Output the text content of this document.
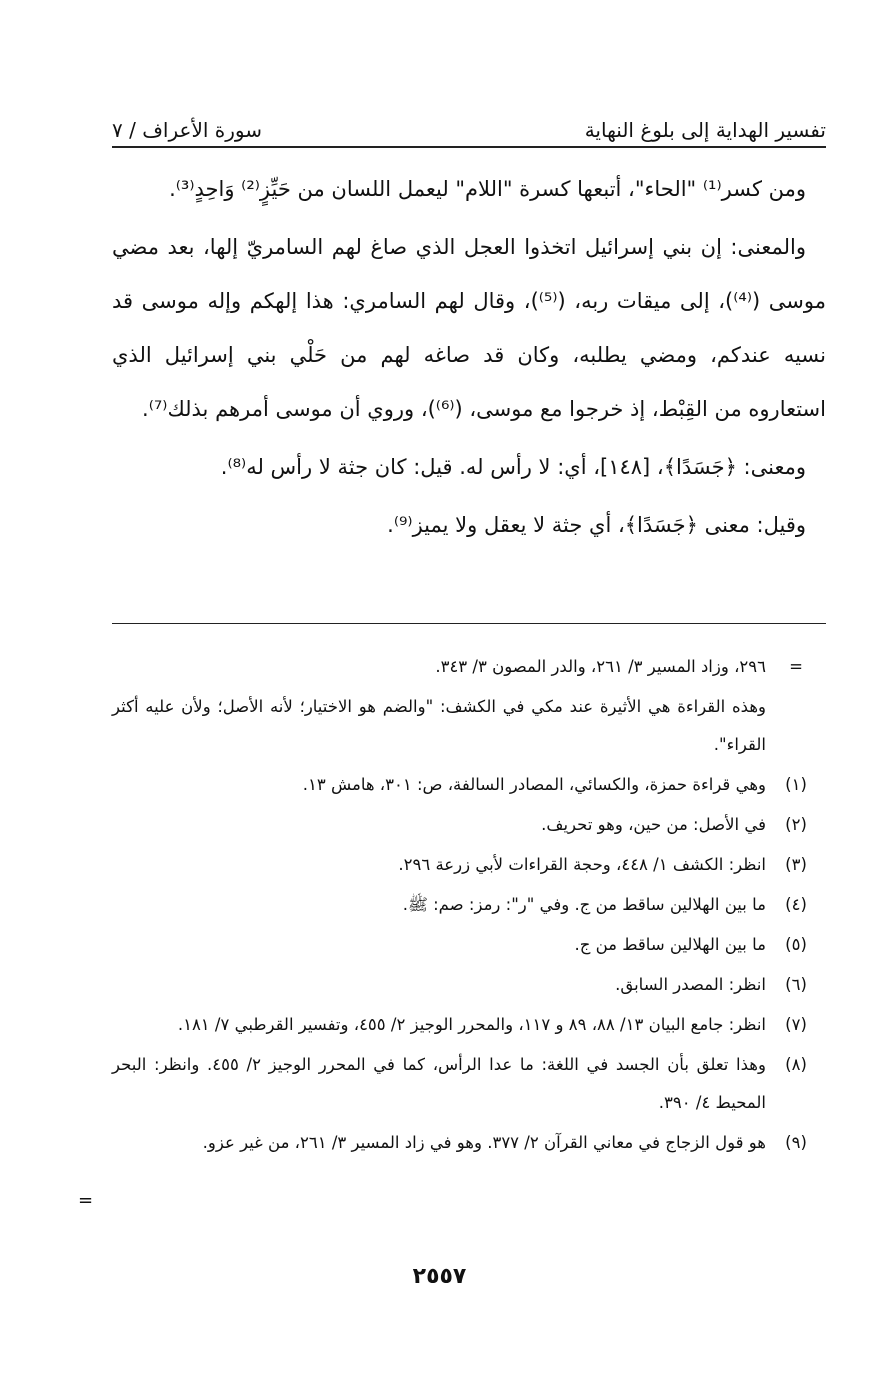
تفسير الهداية إلى بلوغ النهاية
سورة الأعراف / ٧

ومن كسر⁽¹⁾ "الحاء"، أتبعها كسرة "اللام" ليعمل اللسان من حَيِّزٍ⁽²⁾ وَاحِدٍ⁽³⁾.

والمعنى: إن بني إسرائيل اتخذوا العجل الذي صاغ لهم السامريّ إلها، بعد مضي موسى (⁽⁴⁾)، إلى ميقات ربه، (⁽⁵⁾)، وقال لهم السامري: هذا إلهكم وإله موسى قد نسيه عندكم، ومضي يطلبه، وكان قد صاغه لهم من حَلْي بني إسرائيل الذي استعاروه من القِبْط، إذ خرجوا مع موسى، (⁽⁶⁾)، وروي أن موسى أمرهم بذلك⁽⁷⁾.

ومعنى: ﴿جَسَدًا﴾، [١٤٨]، أي: لا رأس له. قيل: كان جثة لا رأس له⁽⁸⁾.

وقيل: معنى ﴿جَسَدًا﴾، أي جثة لا يعقل ولا يميز⁽⁹⁾.

=
٢٩٦، وزاد المسير ٣/ ٢٦١، والدر المصون ٣/ ٣٤٣.
وهذه القراءة هي الأثيرة عند مكي في الكشف: "والضم هو الاختيار؛ لأنه الأصل؛ ولأن عليه أكثر القراء".
(١)
وهي قراءة حمزة، والكسائي، المصادر السالفة، ص: ٣٠١، هامش ١٣.
(٢)
في الأصل: من حين، وهو تحريف.
(٣)
انظر: الكشف ١/ ٤٤٨، وحجة القراءات لأبي زرعة ٢٩٦.
(٤)
ما بين الهلالين ساقط من ج. وفي "ر": رمز: صم: ﷺ.
(٥)
ما بين الهلالين ساقط من ج.
(٦)
انظر: المصدر السابق.
(٧)
انظر: جامع البيان ١٣/ ٨٨، ٨٩ و ١١٧، والمحرر الوجيز ٢/ ٤٥٥، وتفسير القرطبي ٧/ ١٨١.
(٨)
وهذا تعلق بأن الجسد في اللغة: ما عدا الرأس، كما في المحرر الوجيز ٢/ ٤٥٥. وانظر: البحر المحيط ٤/ ٣٩٠.
(٩)
هو قول الزجاج في معاني القرآن ٢/ ٣٧٧. وهو في زاد المسير ٣/ ٢٦١، من غير عزو.
=
٢٥٥٧
